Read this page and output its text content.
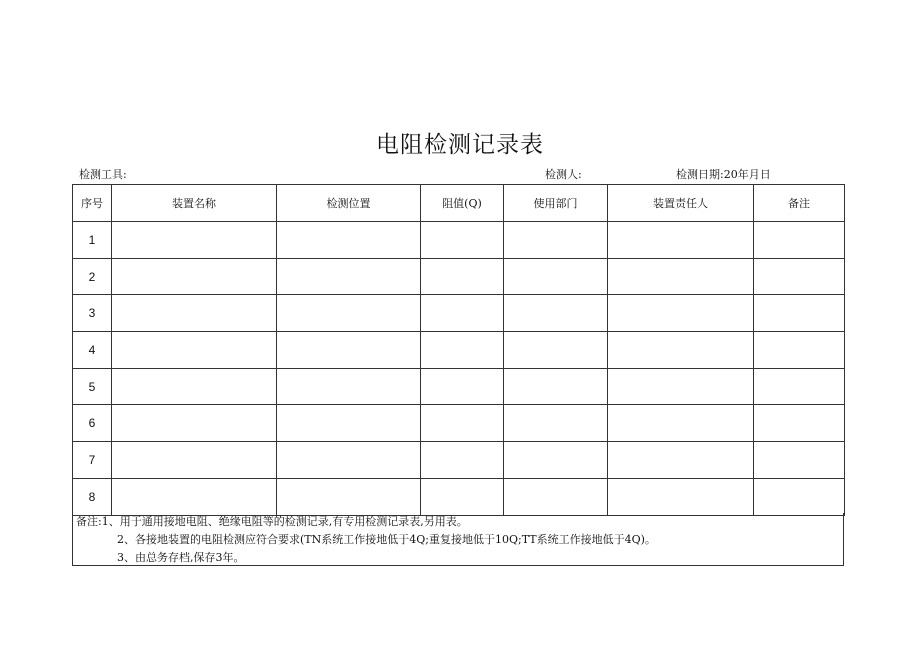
电阻检测记录表
检测工具:	检测人:	检测日期:20年月日
序号	装置名称	检测位置	阻值(Q)	使用部门	装置责任人	备注
1						
2						
3						
4						
5						
6						
7						
8						
备注:1、用于通用接地电阻、绝缘电阻等的检测记录,有专用检测记录表,另用表。
2、各接地装置的电阻检测应符合要求(TN系统工作接地低于4Q;重复接地低于10Q;TT系统工作接地低于4Q)。
3、由总务存档,保存3年。
